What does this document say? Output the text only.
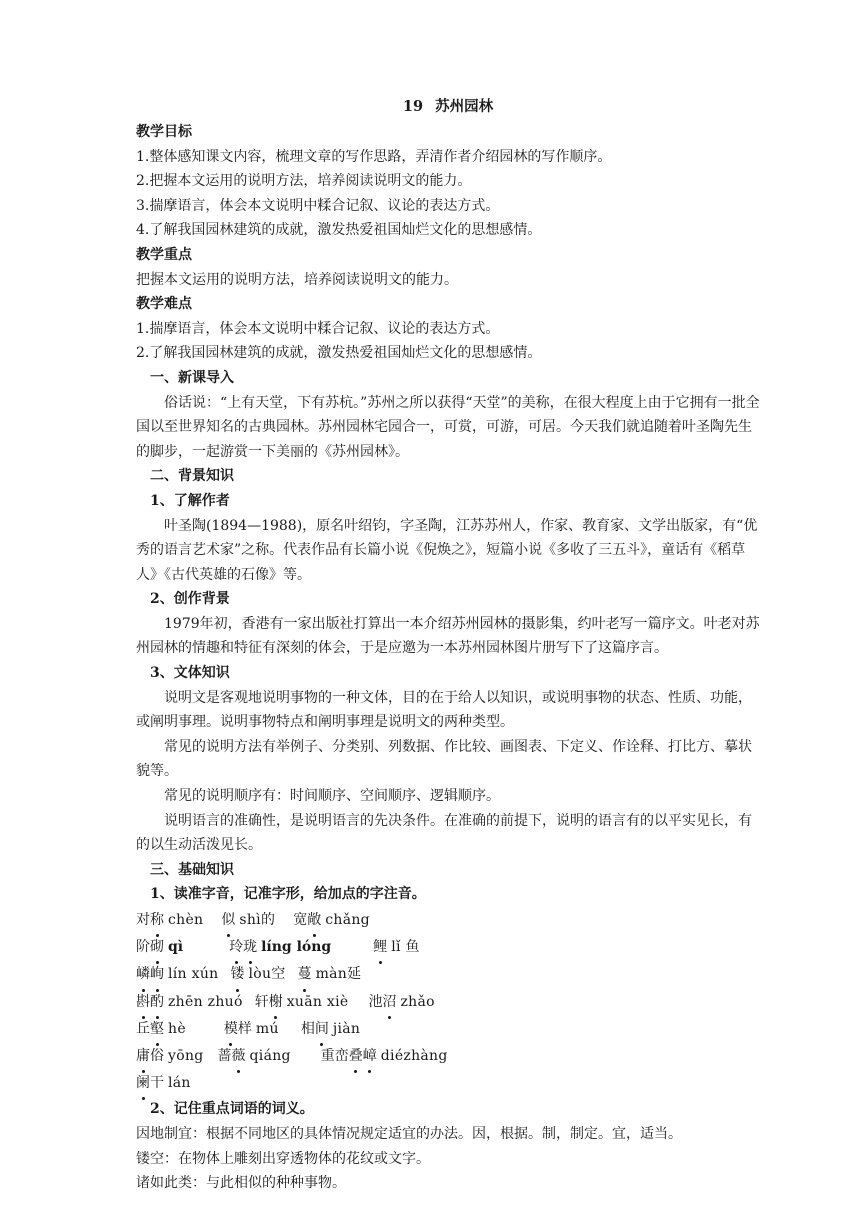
19 苏州园林
教学目标
1.整体感知课文内容，梳理文章的写作思路，弄清作者介绍园林的写作顺序。
2.把握本文运用的说明方法，培养阅读说明文的能力。
3.揣摩语言，体会本文说明中糅合记叙、议论的表达方式。
4.了解我国园林建筑的成就，激发热爱祖国灿烂文化的思想感情。
教学重点
把握本文运用的说明方法，培养阅读说明文的能力。
教学难点
1.揣摩语言，体会本文说明中糅合记叙、议论的表达方式。
2.了解我国园林建筑的成就，激发热爱祖国灿烂文化的思想感情。
一、新课导入
俗话说：“上有天堂，下有苏杭。”苏州之所以获得“天堂”的美称，在很大程度上由于它拥有一批全国以至世界知名的古典园林。苏州园林宅园合一，可赏，可游，可居。今天我们就追随着叶圣陶先生的脚步，一起游赏一下美丽的《苏州园林》。
二、背景知识
1、了解作者
叶圣陶(1894—1988)，原名叶绍钧，字圣陶，江苏苏州人，作家、教育家、文学出版家，有“优秀的语言艺术家”之称。代表作品有长篇小说《倪焕之》，短篇小说《多收了三五斗》，童话有《稻草人》《古代英雄的石像》等。
2、创作背景
1979年初，香港有一家出版社打算出一本介绍苏州园林的摄影集，约叶老写一篇序文。叶老对苏州园林的情趣和特征有深刻的体会，于是应邀为一本苏州园林图片册写下了这篇序言。
3、文体知识
说明文是客观地说明事物的一种文体，目的在于给人以知识，或说明事物的状态、性质、功能，或阐明事理。说明事物特点和阐明事理是说明文的两种类型。
常见的说明方法有举例子、分类别、列数据、作比较、画图表、下定义、作诠释、打比方、摹状貌等。
常见的说明顺序有：时间顺序、空间顺序、逻辑顺序。
说明语言的准确性，是说明语言的先决条件。在准确的前提下，说明的语言有的以平实见长，有的以生动活泼见长。
三、基础知识
1、读准字音，记准字形，给加点的字注音。
对称 chèn 似 shì的 宽敞 chǎng
阶砌 qì	玲珑 líng lóng	鲤 lǐ 鱼
嶙峋 lín xún 镂 lòu空 蔓 màn延
斟酌 zhēn zhuó 轩榭 xuān xiè 池沼 zhǎo
丘壑 hè	模样 mú 相间 jiàn
庸俗 yōng 蔷薇 qiáng 重峦叠嶂 diézhàng
阑干 lán
2、记住重点词语的词义。
因地制宜：根据不同地区的具体情况规定适宜的办法。因，根据。制，制定。宜，适当。
镂空：在物体上雕刻出穿透物体的花纹或文字。
诸如此类：与此相似的种种事物。
